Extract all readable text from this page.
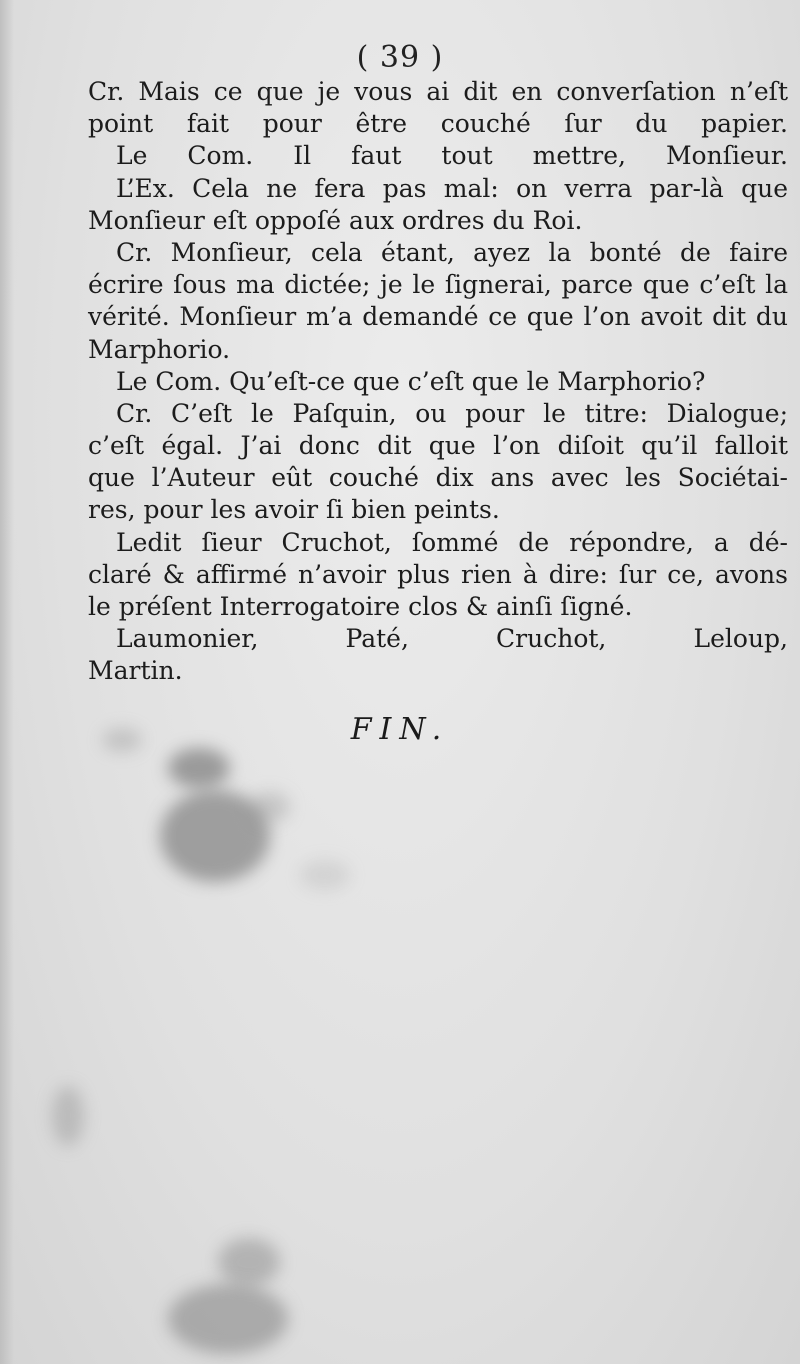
( 39 )
Cr. Mais ce que je vous ai dit en converſation n’eſt
point fait pour être couché ſur du papier.
Le Com. Il faut tout mettre, Monſieur.
L’Ex. Cela ne fera pas mal: on verra par-là que
Monſieur eſt oppoſé aux ordres du Roi.
Cr. Monſieur, cela étant, ayez la bonté de faire
écrire ſous ma dictée; je le ſignerai, parce que c’eſt la
vérité. Monſieur m’a demandé ce que l’on avoit dit du
Marphorio.
Le Com. Qu’eſt-ce que c’eſt que le Marphorio?
Cr. C’eſt le Paſquin, ou pour le titre: Dialogue;
c’eſt égal. J’ai donc dit que l’on diſoit qu’il falloit
que l’Auteur eût couché dix ans avec les Sociétai-
res, pour les avoir ſi bien peints.
Ledit ſieur Cruchot, ſommé de répondre, a dé-
claré & affirmé n’avoir plus rien à dire: ſur ce, avons
le préſent Interrogatoire clos & ainſi ſigné.
Laumonier, Paté, Cruchot, Leloup,
Martin.
FIN.
